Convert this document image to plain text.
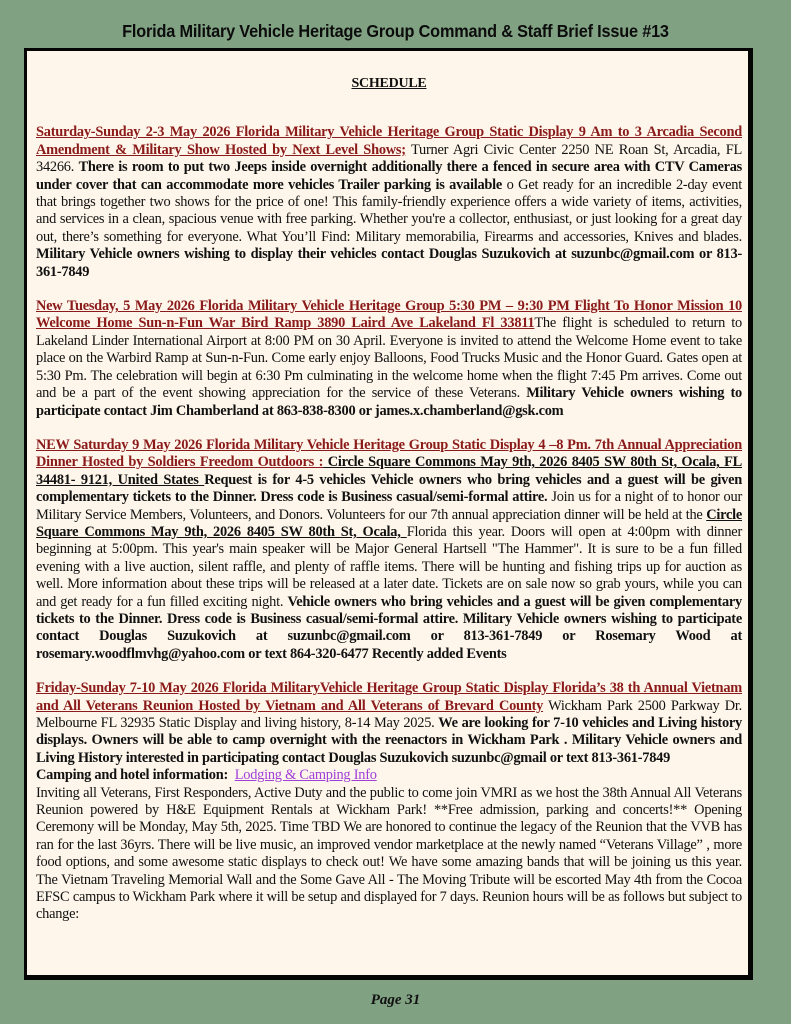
Florida Military Vehicle Heritage Group Command & Staff Brief Issue #13
SCHEDULE

Saturday-Sunday 2-3 May 2026 Florida Military Vehicle Heritage Group Static Display 9 Am to 3 Arcadia Second Amendment & Military Show Hosted by Next Level Shows; Turner Agri Civic Center 2250 NE Roan St, Arcadia, FL 34266. There is room to put two Jeeps inside overnight additionally there a fenced in secure area with CTV Cameras under cover that can accommodate more vehicles Trailer parking is available o Get ready for an incredible 2-day event that brings together two shows for the price of one! This family-friendly experience offers a wide variety of items, activities, and services in a clean, spacious venue with free parking. Whether you're a collector, enthusiast, or just looking for a great day out, there’s something for everyone. What You’ll Find: Military memorabilia, Firearms and accessories, Knives and blades. Military Vehicle owners wishing to display their vehicles contact Douglas Suzukovich at suzunbc@gmail.com or 813-361-7849

New Tuesday, 5 May 2026 Florida Military Vehicle Heritage Group 5:30 PM – 9:30 PM Flight To Honor Mission 10 Welcome Home Sun-n-Fun War Bird Ramp 3890 Laird Ave Lakeland Fl 33811The flight is scheduled to return to Lakeland Linder International Airport at 8:00 PM on 30 April. Everyone is invited to attend the Welcome Home event to take place on the Warbird Ramp at Sun-n-Fun. Come early enjoy Balloons, Food Trucks Music and the Honor Guard. Gates open at 5:30 Pm. The celebration will begin at 6:30 Pm culminating in the welcome home when the flight 7:45 Pm arrives. Come out and be a part of the event showing appreciation for the service of these Veterans. Military Vehicle owners wishing to participate contact Jim Chamberland at 863-838-8300 or james.x.chamberland@gsk.com

NEW Saturday 9 May 2026 Florida Military Vehicle Heritage Group Static Display 4 –8 Pm. 7th Annual Appreciation Dinner Hosted by Soldiers Freedom Outdoors : Circle Square Commons May 9th, 2026 8405 SW 80th St, Ocala, FL 34481- 9121, United States Request is for 4-5 vehicles Vehicle owners who bring vehicles and a guest will be given complementary tickets to the Dinner. Dress code is Business casual/semi-formal attire. Join us for a night of to honor our Military Service Members, Volunteers, and Donors. Volunteers for our 7th annual appreciation dinner will be held at the Circle Square Commons May 9th, 2026 8405 SW 80th St, Ocala, Florida this year. Doors will open at 4:00pm with dinner beginning at 5:00pm. This year's main speaker will be Major General Hartsell "The Hammer". It is sure to be a fun filled evening with a live auction, silent raffle, and plenty of raffle items. There will be hunting and fishing trips up for auction as well. More information about these trips will be released at a later date. Tickets are on sale now so grab yours, while you can and get ready for a fun filled exciting night. Vehicle owners who bring vehicles and a guest will be given complementary tickets to the Dinner. Dress code is Business casual/semi-formal attire. Military Vehicle owners wishing to participate contact Douglas Suzukovich at suzunbc@gmail.com or 813-361-7849 or Rosemary Wood at rosemary.woodflmvhg@yahoo.com or text 864-320-6477 Recently added Events

Friday-Sunday 7-10 May 2026 Florida MilitaryVehicle Heritage Group Static Display Florida’s 38 th Annual Vietnam and All Veterans Reunion Hosted by Vietnam and All Veterans of Brevard County Wickham Park 2500 Parkway Dr. Melbourne FL 32935 Static Display and living history, 8-14 May 2025. We are looking for 7-10 vehicles and Living history displays. Owners will be able to camp overnight with the reenactors in Wickham Park . Military Vehicle owners and Living History interested in participating contact Douglas Suzukovich suzunbc@gmail or text 813-361-7849
Camping and hotel information: Lodging & Camping Info
Inviting all Veterans, First Responders, Active Duty and the public to come join VMRI as we host the 38th Annual All Veterans Reunion powered by H&E Equipment Rentals at Wickham Park! **Free admission, parking and concerts!** Opening Ceremony will be Monday, May 5th, 2025. Time TBD We are honored to continue the legacy of the Reunion that the VVB has ran for the last 36yrs. There will be live music, an improved vendor marketplace at the newly named “Veterans Village” , more food options, and some awesome static displays to check out! We have some amazing bands that will be joining us this year. The Vietnam Traveling Memorial Wall and the Some Gave All - The Moving Tribute will be escorted May 4th from the Cocoa EFSC campus to Wickham Park where it will be setup and displayed for 7 days. Reunion hours will be as follows but subject to change:

Page 31
